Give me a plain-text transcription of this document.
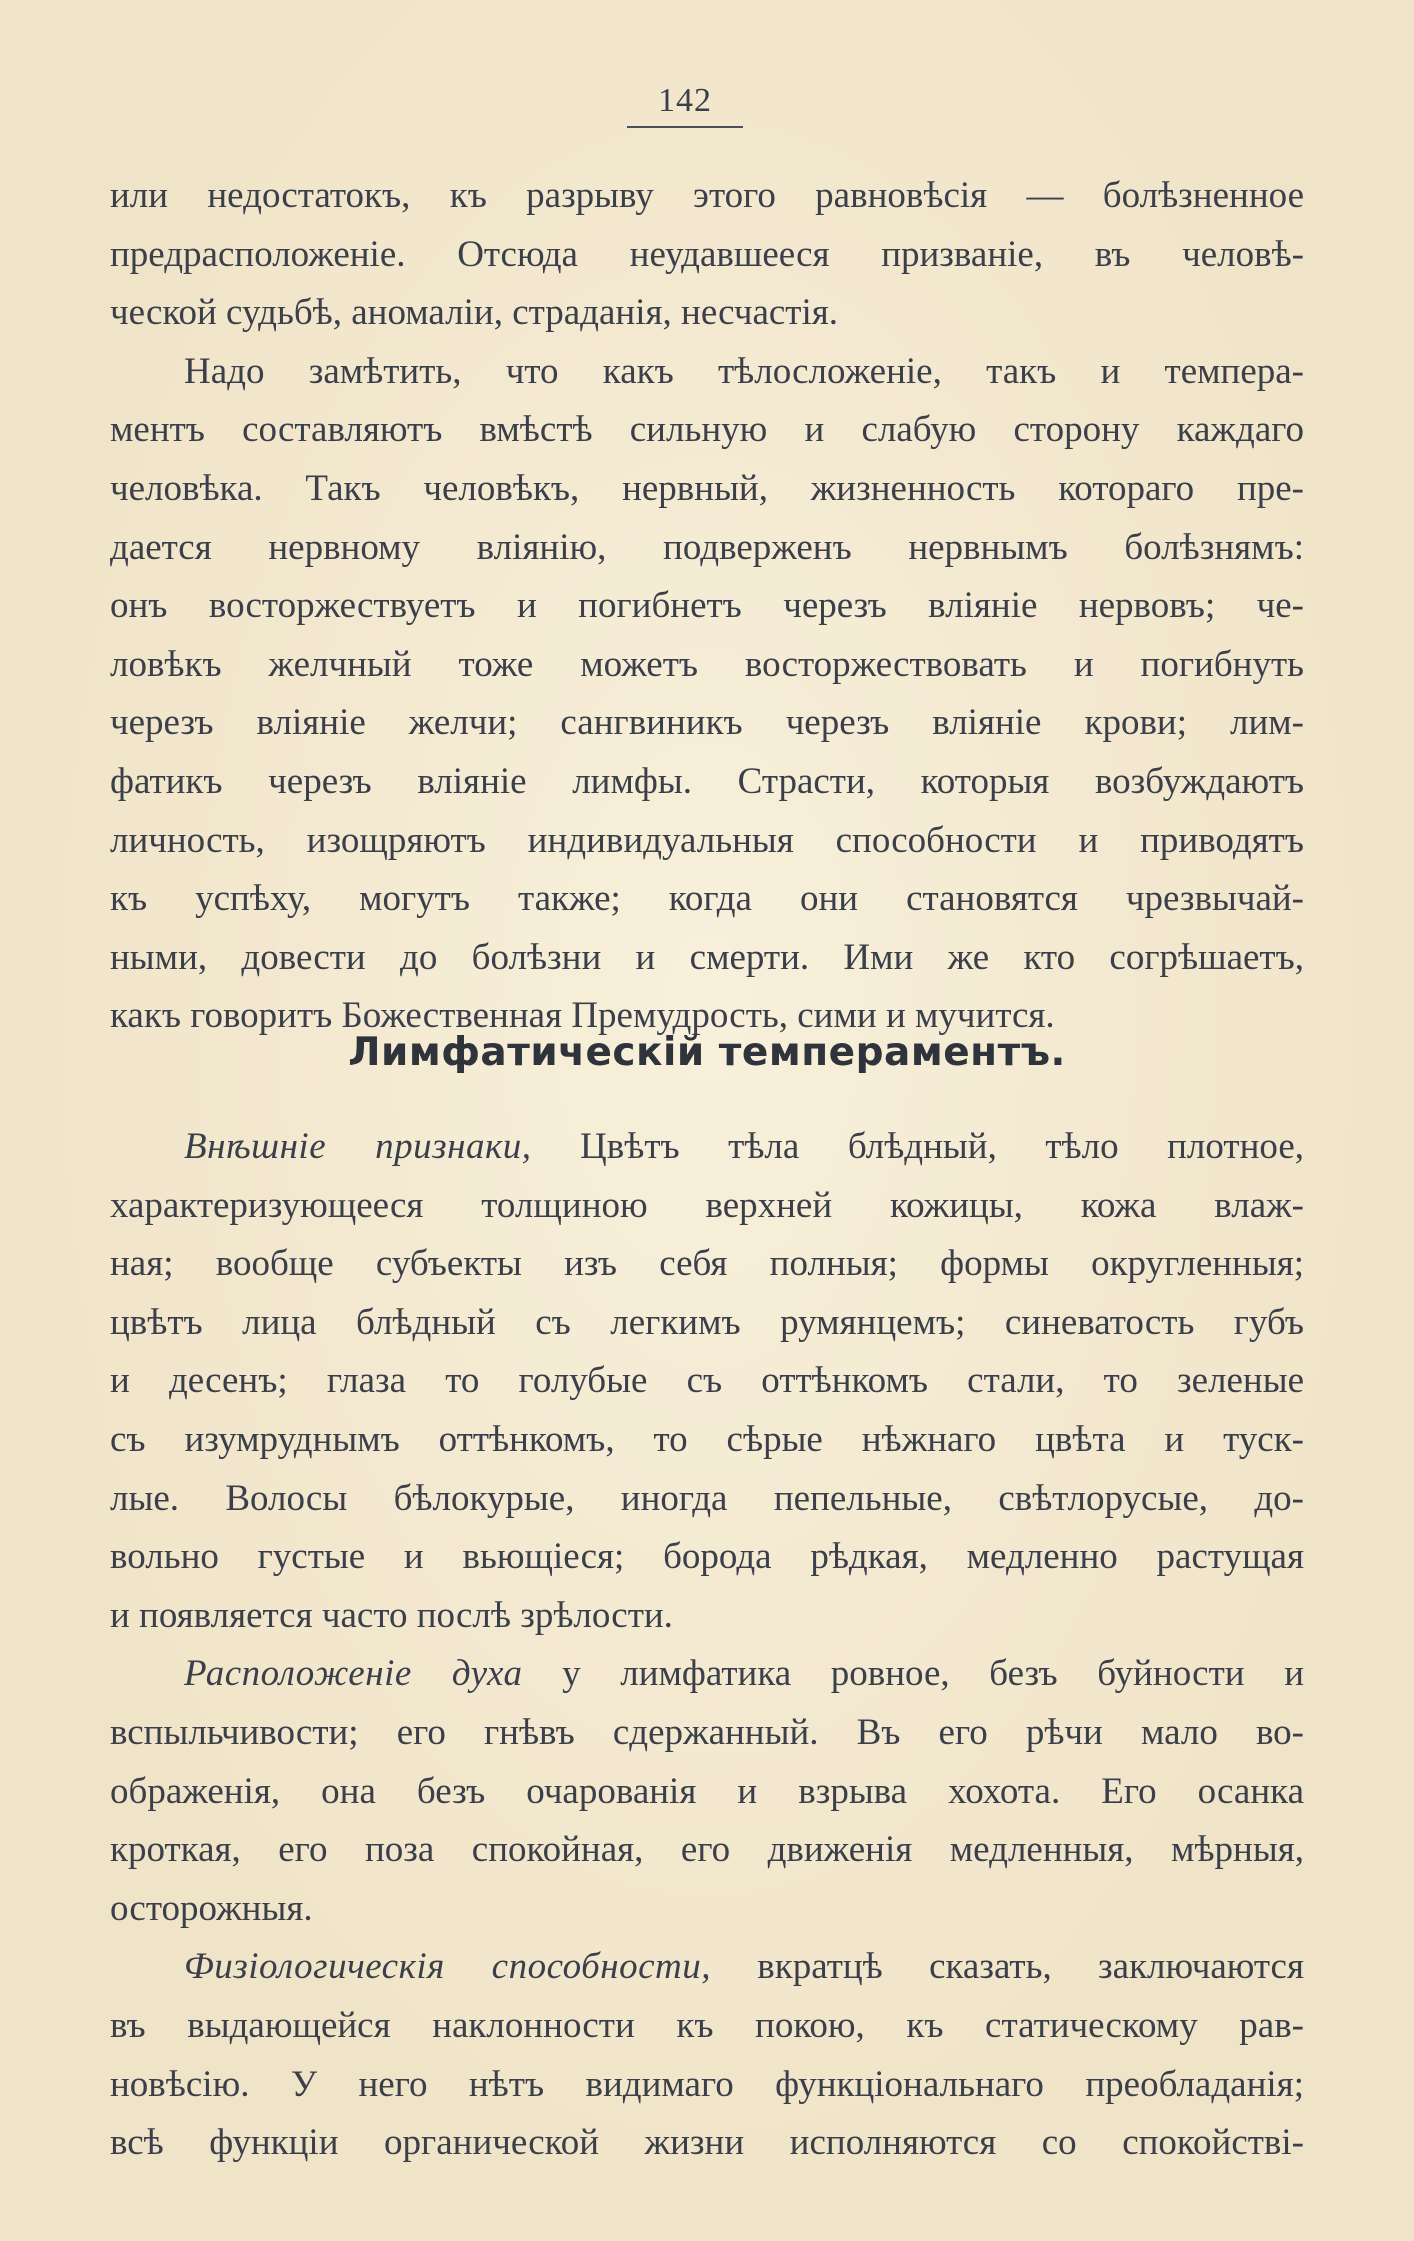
142
или недостатокъ, къ разрыву этого равновѣсія — болѣзненное
предрасположеніе. Отсюда неудавшееся призваніе, въ человѣ-
ческой судьбѣ, аномаліи, страданія, несчастія.
Надо замѣтить, что какъ тѣлосложеніе, такъ и темпера-
ментъ составляютъ вмѣстѣ сильную и слабую сторону каждаго
человѣка. Такъ человѣкъ, нервный, жизненность котораго пре-
дается нервному вліянію, подверженъ нервнымъ болѣзнямъ:
онъ восторжествуетъ и погибнетъ черезъ вліяніе нервовъ; че-
ловѣкъ желчный тоже можетъ восторжествовать и погибнуть
черезъ вліяніе желчи; сангвиникъ черезъ вліяніе крови; лим-
фатикъ черезъ вліяніе лимфы. Страсти, которыя возбуждаютъ
личность, изощряютъ индивидуальныя способности и приводятъ
къ успѣху, могутъ также; когда они становятся чрезвычай-
ными, довести до болѣзни и смерти. Ими же кто согрѣшаетъ,
какъ говоритъ Божественная Премудрость, сими и мучится.
Лимфатическій темпераментъ.
Внѣшніе признаки, Цвѣтъ тѣла блѣдный, тѣло плотное,
характеризующееся толщиною верхней кожицы, кожа влаж-
ная; вообще субъекты изъ себя полныя; формы округленныя;
цвѣтъ лица блѣдный съ легкимъ румянцемъ; синеватость губъ
и десенъ; глаза то голубые съ оттѣнкомъ стали, то зеленые
съ изумруднымъ оттѣнкомъ, то сѣрые нѣжнаго цвѣта и туск-
лые. Волосы бѣлокурые, иногда пепельные, свѣтлорусые, до-
вольно густые и вьющіеся; борода рѣдкая, медленно растущая
и появляется часто послѣ зрѣлости.
Расположеніе духа у лимфатика ровное, безъ буйности и
вспыльчивости; его гнѣвъ сдержанный. Въ его рѣчи мало во-
ображенія, она безъ очарованія и взрыва хохота. Его осанка
кроткая, его поза спокойная, его движенія медленныя, мѣрныя,
осторожныя.
Физіологическія способности, вкратцѣ сказать, заключаются
въ выдающейся наклонности къ покою, къ статическому рав-
новѣсію. У него нѣтъ видимаго функціональнаго преобладанія;
всѣ функціи органической жизни исполняются со спокойстві-
